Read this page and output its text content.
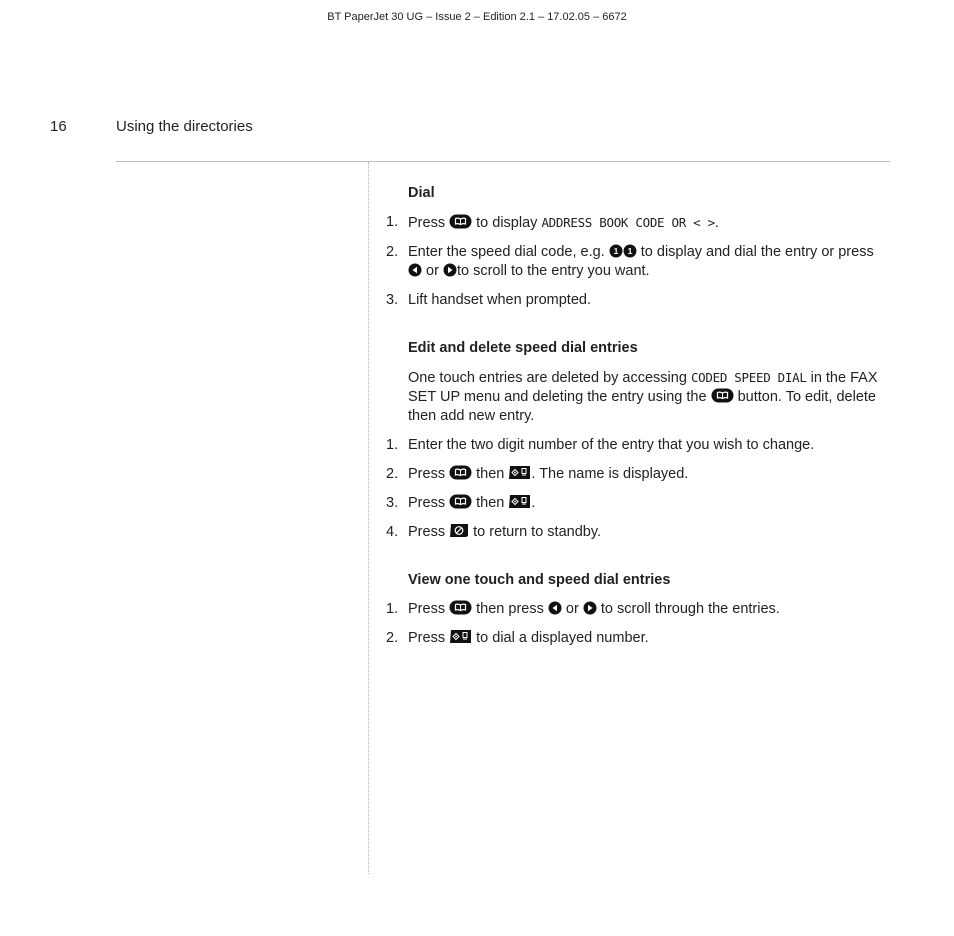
BT PaperJet 30 UG – Issue 2 – Edition 2.1 – 17.02.05 – 6672
16	Using the directories
Dial
1. Press to display ADDRESS BOOK CODE OR < >.
2. Enter the speed dial code, e.g. 1 1 to display and dial the entry or press
or to scroll to the entry you want.
3. Lift handset when prompted.
Edit and delete speed dial entries
One touch entries are deleted by accessing CODED SPEED DIAL in the FAX SET UP menu and deleting the entry using the button. To edit, delete then add new entry.
1. Enter the two digit number of the entry that you wish to change.
2. Press then . The name is displayed.
3. Press then .
4. Press to return to standby.
View one touch and speed dial entries
1. Press then press or to scroll through the entries.
2. Press to dial a displayed number.
